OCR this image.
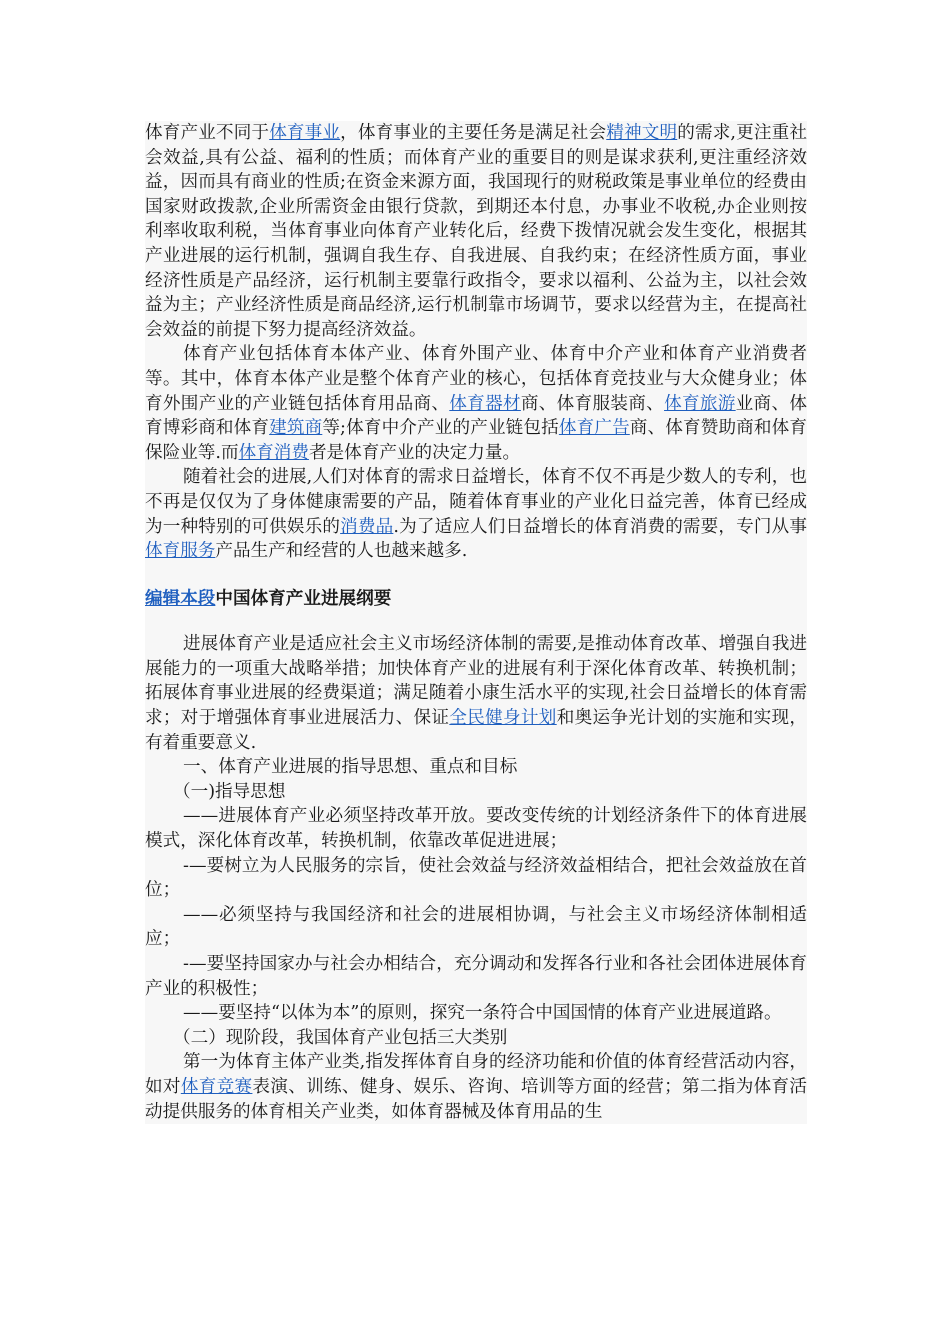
体育产业不同于体育事业，体育事业的主要任务是满足社会精神文明的需求,更注重社会效益,具有公益、福利的性质；而体育产业的重要目的则是谋求获利,更注重经济效益，因而具有商业的性质;在资金来源方面，我国现行的财税政策是事业单位的经费由国家财政拨款,企业所需资金由银行贷款，到期还本付息，办事业不收税,办企业则按利率收取利税，当体育事业向体育产业转化后，经费下拨情况就会发生变化，根据其产业进展的运行机制，强调自我生存、自我进展、自我约束；在经济性质方面，事业经济性质是产品经济，运行机制主要靠行政指令，要求以福利、公益为主，以社会效益为主；产业经济性质是商品经济,运行机制靠市场调节，要求以经营为主，在提高社会效益的前提下努力提高经济效益。

体育产业包括体育本体产业、体育外围产业、体育中介产业和体育产业消费者等。其中，体育本体产业是整个体育产业的核心，包括体育竞技业与大众健身业；体育外围产业的产业链包括体育用品商、体育器材商、体育服装商、体育旅游业商、体育博彩商和体育建筑商等;体育中介产业的产业链包括体育广告商、体育赞助商和体育保险业等.而体育消费者是体育产业的决定力量。

随着社会的进展,人们对体育的需求日益增长，体育不仅不再是少数人的专利，也不再是仅仅为了身体健康需要的产品，随着体育事业的产业化日益完善，体育已经成为一种特别的可供娱乐的消费品.为了适应人们日益增长的体育消费的需要，专门从事体育服务产品生产和经营的人也越来越多.

编辑本段中国体育产业进展纲要

进展体育产业是适应社会主义市场经济体制的需要,是推动体育改革、增强自我进展能力的一项重大战略举措；加快体育产业的进展有利于深化体育改革、转换机制；拓展体育事业进展的经费渠道；满足随着小康生活水平的实现,社会日益增长的体育需求；对于增强体育事业进展活力、保证全民健身计划和奥运争光计划的实施和实现，有着重要意义.

一、体育产业进展的指导思想、重点和目标

（一)指导思想

——进展体育产业必须坚持改革开放。要改变传统的计划经济条件下的体育进展模式，深化体育改革，转换机制，依靠改革促进进展；

-—要树立为人民服务的宗旨，使社会效益与经济效益相结合，把社会效益放在首位；

——必须坚持与我国经济和社会的进展相协调，与社会主义市场经济体制相适应；

-—要坚持国家办与社会办相结合，充分调动和发挥各行业和各社会团体进展体育产业的积极性；

——要坚持“以体为本”的原则，探究一条符合中国国情的体育产业进展道路。

（二）现阶段，我国体育产业包括三大类别

第一为体育主体产业类,指发挥体育自身的经济功能和价值的体育经营活动内容，如对体育竞赛表演、训练、健身、娱乐、咨询、培训等方面的经营；第二指为体育活动提供服务的体育相关产业类，如体育器械及体育用品的生
